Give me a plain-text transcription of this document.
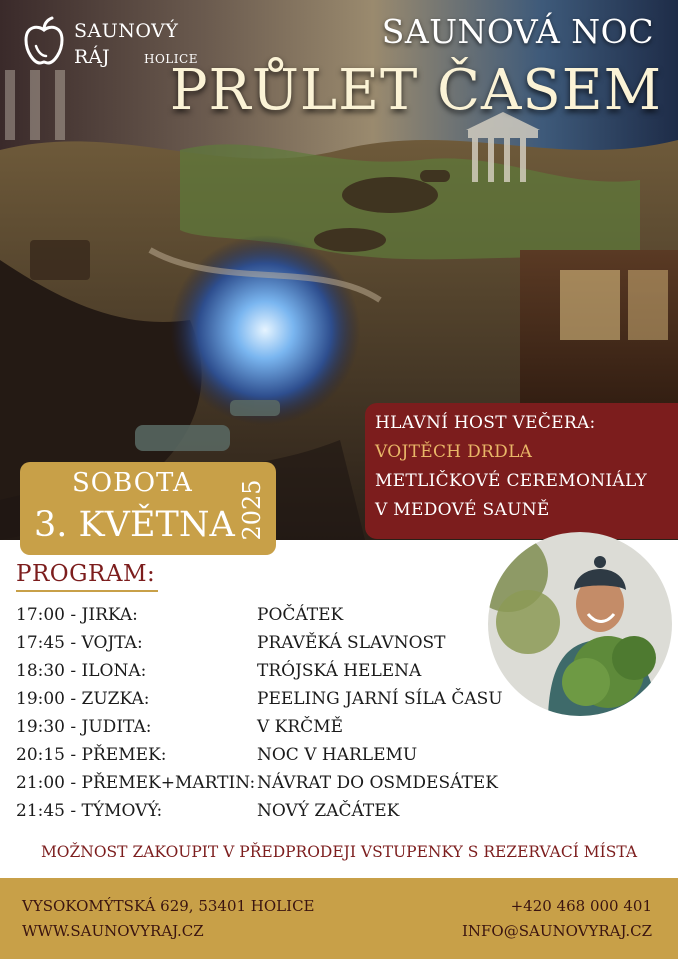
SAUNOVÝ
RÁJ	HOLICE
SAUNOVÁ NOC
PRŮLET ČASEM
HLAVNÍ HOST VEČERA:
VOJTĚCH DRDLA
METLIČKOVÉ CEREMONIÁLY
V MEDOVÉ SAUNĚ
SOBOTA
3. KVĚTNA 2025
PROGRAM:
17:00 - JIRKA:	POČÁTEK
17:45 - VOJTA:	PRAVĚKÁ SLAVNOST
18:30 - ILONA:	TRÓJSKÁ HELENA
19:00 - ZUZKA:	PEELING JARNÍ SÍLA ČASU
19:30 - JUDITA:	V KRČMĚ
20:15 - PŘEMEK:	NOC V HARLEMU
21:00 - PŘEMEK+MARTIN: NÁVRAT DO OSMDESÁTEK
21:45 - TÝMOVÝ:	NOVÝ ZAČÁTEK
MOŽNOST ZAKOUPIT V PŘEDPRODEJI VSTUPENKY S REZERVACÍ MÍSTA
VYSOKOMÝTSKÁ 629, 53401 HOLICE
WWW.SAUNOVYRAJ.CZ
+420 468 000 401
INFO@SAUNOVYRAJ.CZ
